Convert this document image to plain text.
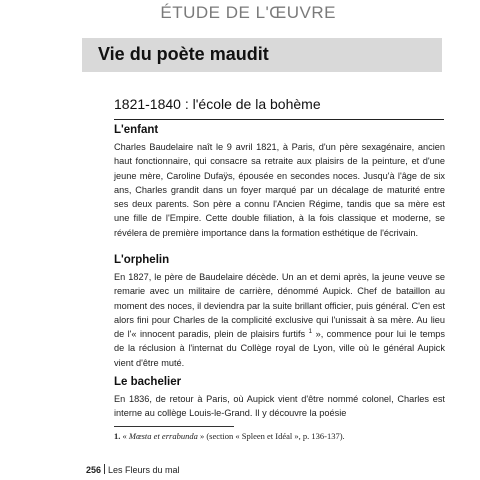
ÉTUDE DE L'ŒUVRE
Vie du poète maudit
1821-1840 : l'école de la bohème
L'enfant
Charles Baudelaire naît le 9 avril 1821, à Paris, d'un père sexagénaire, ancien haut fonctionnaire, qui consacre sa retraite aux plaisirs de la peinture, et d'une jeune mère, Caroline Dufaÿs, épousée en secondes noces. Jusqu'à l'âge de six ans, Charles grandit dans un foyer marqué par un décalage de maturité entre ses deux parents. Son père a connu l'Ancien Régime, tandis que sa mère est une fille de l'Empire. Cette double filiation, à la fois classique et moderne, se révélera de première importance dans la formation esthétique de l'écrivain.
L'orphelin
En 1827, le père de Baudelaire décède. Un an et demi après, la jeune veuve se remarie avec un militaire de carrière, dénommé Aupick. Chef de bataillon au moment des noces, il deviendra par la suite brillant officier, puis général. C'en est alors fini pour Charles de la complicité exclusive qui l'unissait à sa mère. Au lieu de l'« innocent paradis, plein de plaisirs furtifs $^1$ », commence pour lui le temps de la réclusion à l'internat du Collège royal de Lyon, ville où le général Aupick vient d'être muté.
Le bachelier
En 1836, de retour à Paris, où Aupick vient d'être nommé colonel, Charles est interne au collège Louis-le-Grand. Il y découvre la poésie
1. « Mœsta et errabunda » (section « Spleen et Idéal », p. 136-137).
256 Les Fleurs du mal
